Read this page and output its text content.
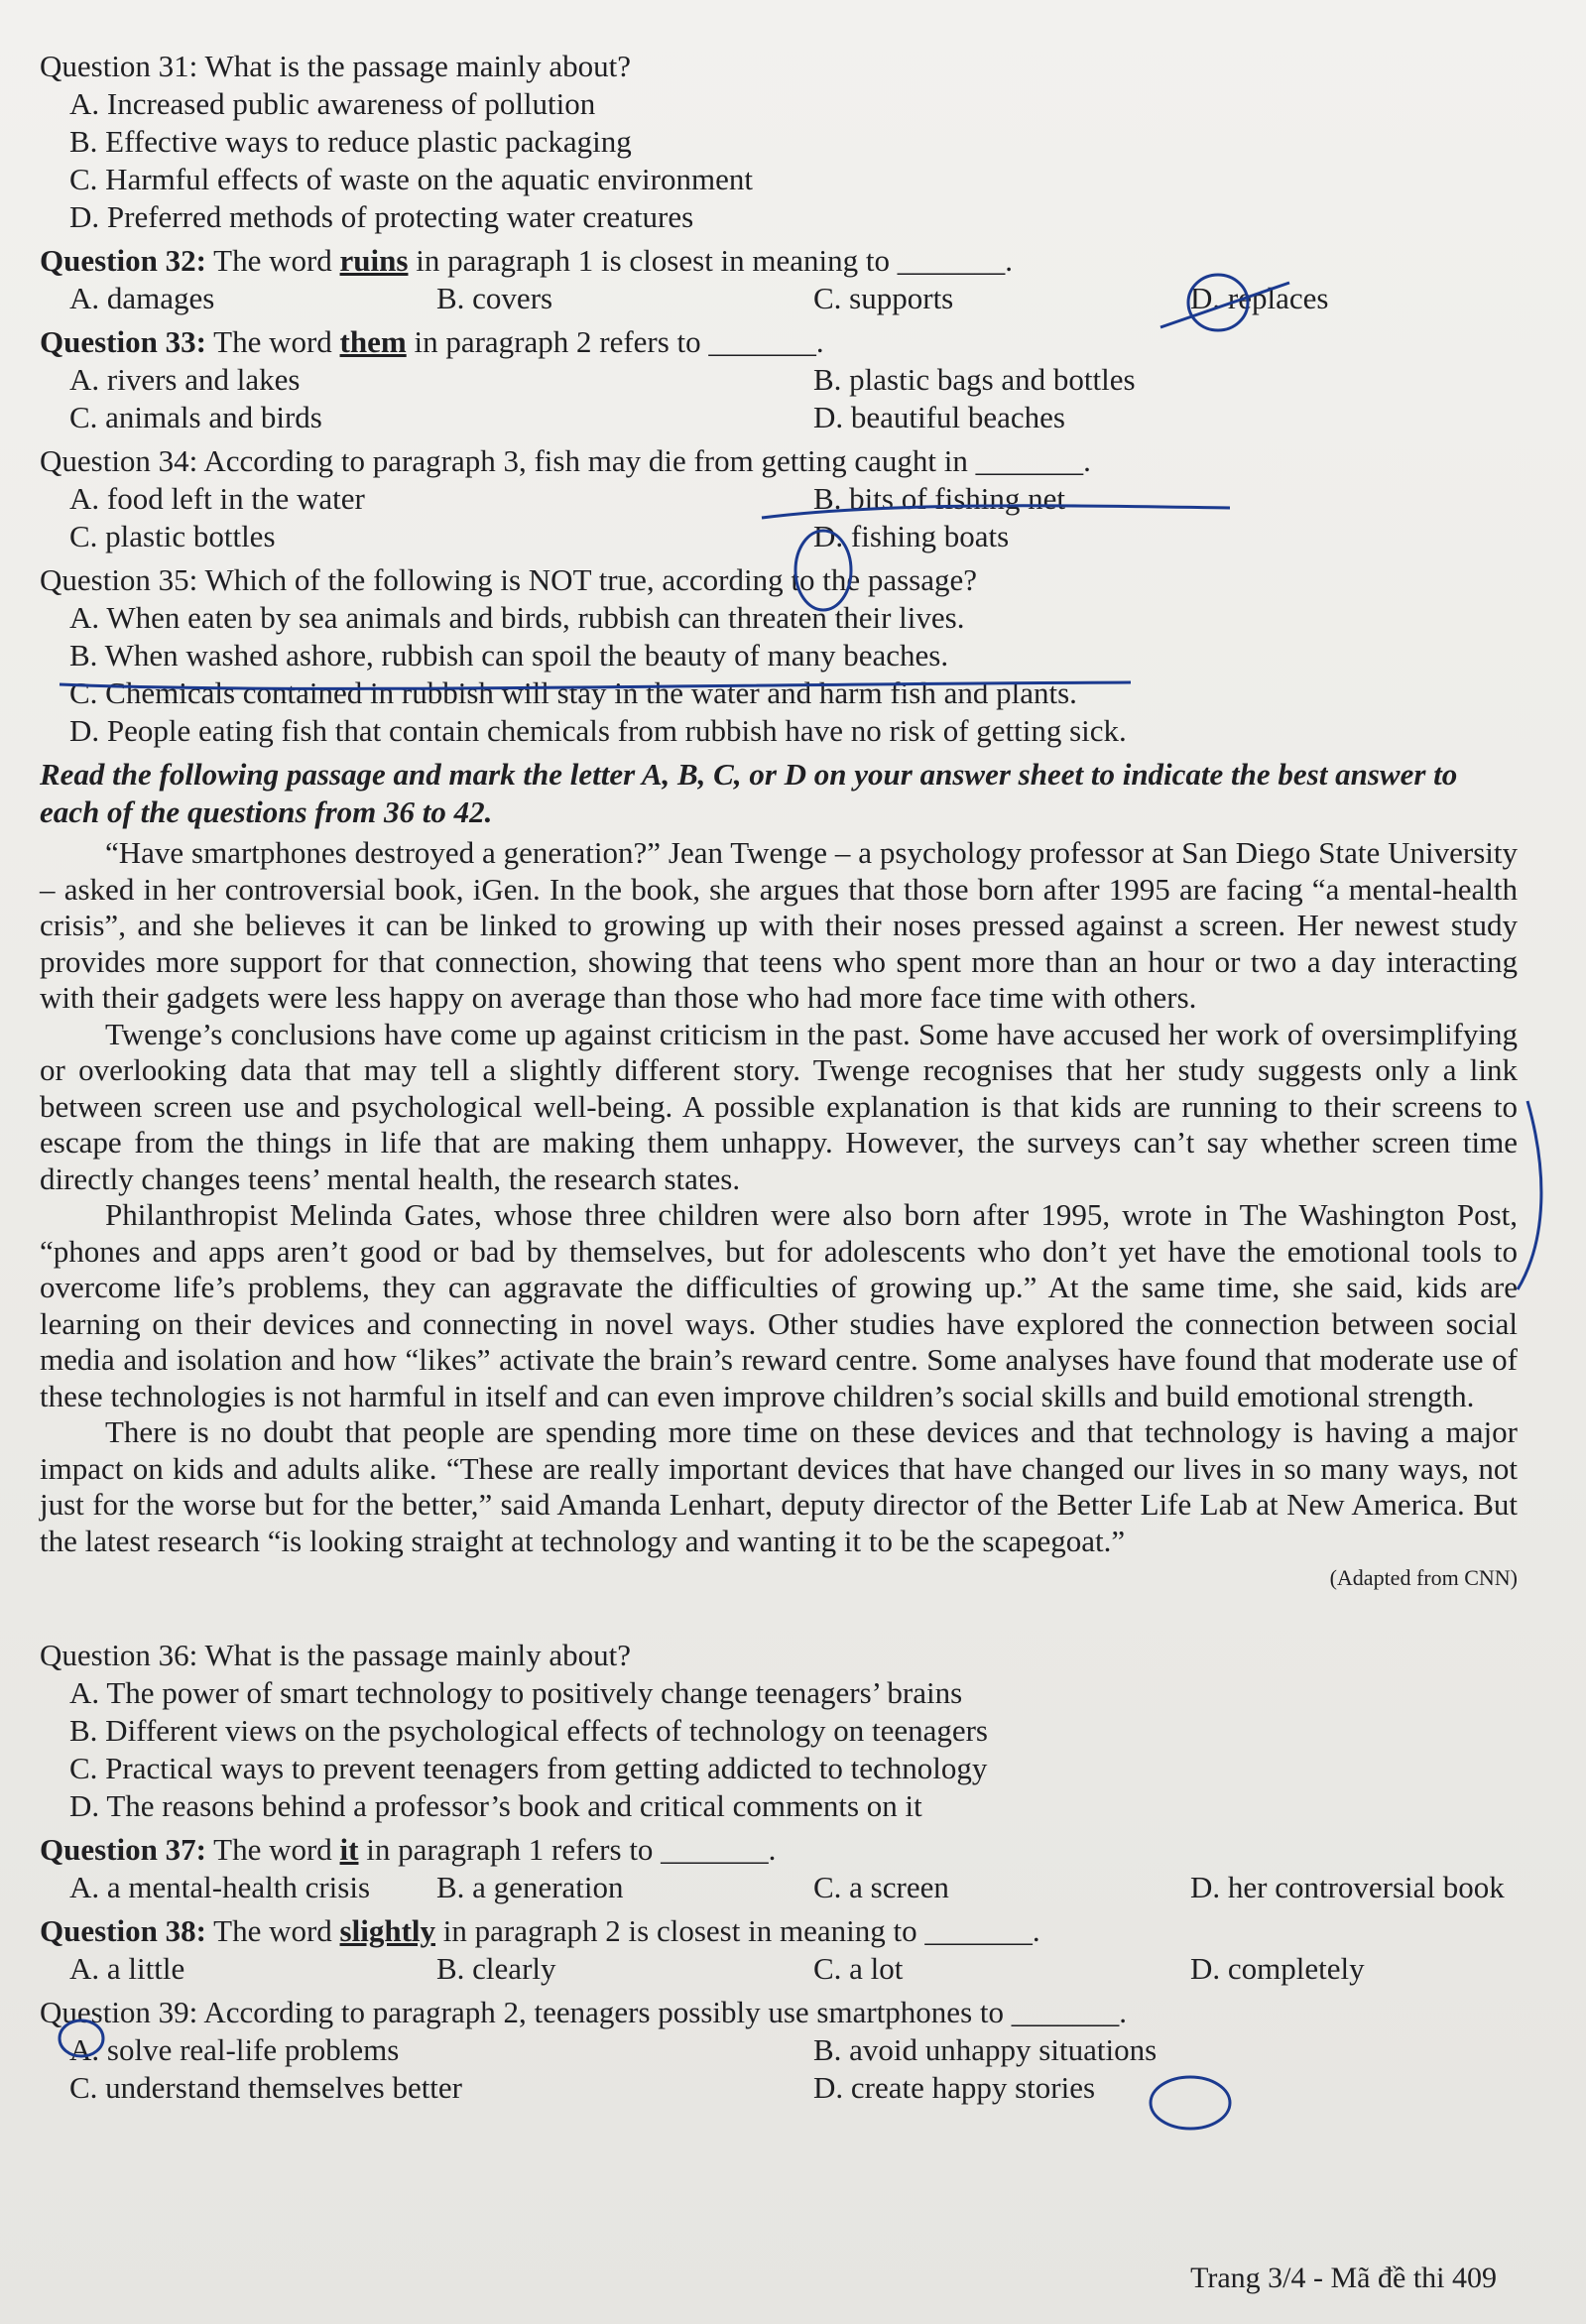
Question 31: What is the passage mainly about?
A. Increased public awareness of pollution
B. Effective ways to reduce plastic packaging
C. Harmful effects of waste on the aquatic environment
D. Preferred methods of protecting water creatures
Question 32: The word ruins in paragraph 1 is closest in meaning to _______.
A. damages	B. covers	C. supports	D. replaces
Question 33: The word them in paragraph 2 refers to _______.
A. rivers and lakes	B. plastic bags and bottles
C. animals and birds	D. beautiful beaches
Question 34: According to paragraph 3, fish may die from getting caught in _______.
A. food left in the water	B. bits of fishing net
C. plastic bottles	D. fishing boats
Question 35: Which of the following is NOT true, according to the passage?
A. When eaten by sea animals and birds, rubbish can threaten their lives.
B. When washed ashore, rubbish can spoil the beauty of many beaches.
C. Chemicals contained in rubbish will stay in the water and harm fish and plants.
D. People eating fish that contain chemicals from rubbish have no risk of getting sick.
Read the following passage and mark the letter A, B, C, or D on your answer sheet to indicate the best answer to each of the questions from 36 to 42.

“Have smartphones destroyed a generation?” Jean Twenge – a psychology professor at San Diego State University – asked in her controversial book, iGen. In the book, she argues that those born after 1995 are facing “a mental-health crisis”, and she believes it can be linked to growing up with their noses pressed against a screen. Her newest study provides more support for that connection, showing that teens who spent more than an hour or two a day interacting with their gadgets were less happy on average than those who had more face time with others.

Twenge’s conclusions have come up against criticism in the past. Some have accused her work of oversimplifying or overlooking data that may tell a slightly different story. Twenge recognises that her study suggests only a link between screen use and psychological well-being. A possible explanation is that kids are running to their screens to escape from the things in life that are making them unhappy. However, the surveys can’t say whether screen time directly changes teens’ mental health, the research states.

Philanthropist Melinda Gates, whose three children were also born after 1995, wrote in The Washington Post, “phones and apps aren’t good or bad by themselves, but for adolescents who don’t yet have the emotional tools to overcome life’s problems, they can aggravate the difficulties of growing up.” At the same time, she said, kids are learning on their devices and connecting in novel ways. Other studies have explored the connection between social media and isolation and how “likes” activate the brain’s reward centre. Some analyses have found that moderate use of these technologies is not harmful in itself and can even improve children’s social skills and build emotional strength.

There is no doubt that people are spending more time on these devices and that technology is having a major impact on kids and adults alike. “These are really important devices that have changed our lives in so many ways, not just for the worse but for the better,” said Amanda Lenhart, deputy director of the Better Life Lab at New America. But the latest research “is looking straight at technology and wanting it to be the scapegoat.”

(Adapted from CNN)
Question 36: What is the passage mainly about?
A. The power of smart technology to positively change teenagers’ brains
B. Different views on the psychological effects of technology on teenagers
C. Practical ways to prevent teenagers from getting addicted to technology
D. The reasons behind a professor’s book and critical comments on it
Question 37: The word it in paragraph 1 refers to _______.
A. a mental-health crisis	B. a generation	C. a screen	D. her controversial book
Question 38: The word slightly in paragraph 2 is closest in meaning to _______.
A. a little	B. clearly	C. a lot	D. completely
Question 39: According to paragraph 2, teenagers possibly use smartphones to _______.
A. solve real-life problems	B. avoid unhappy situations
C. understand themselves better	D. create happy stories
Trang 3/4 - Mã đề thi 409
